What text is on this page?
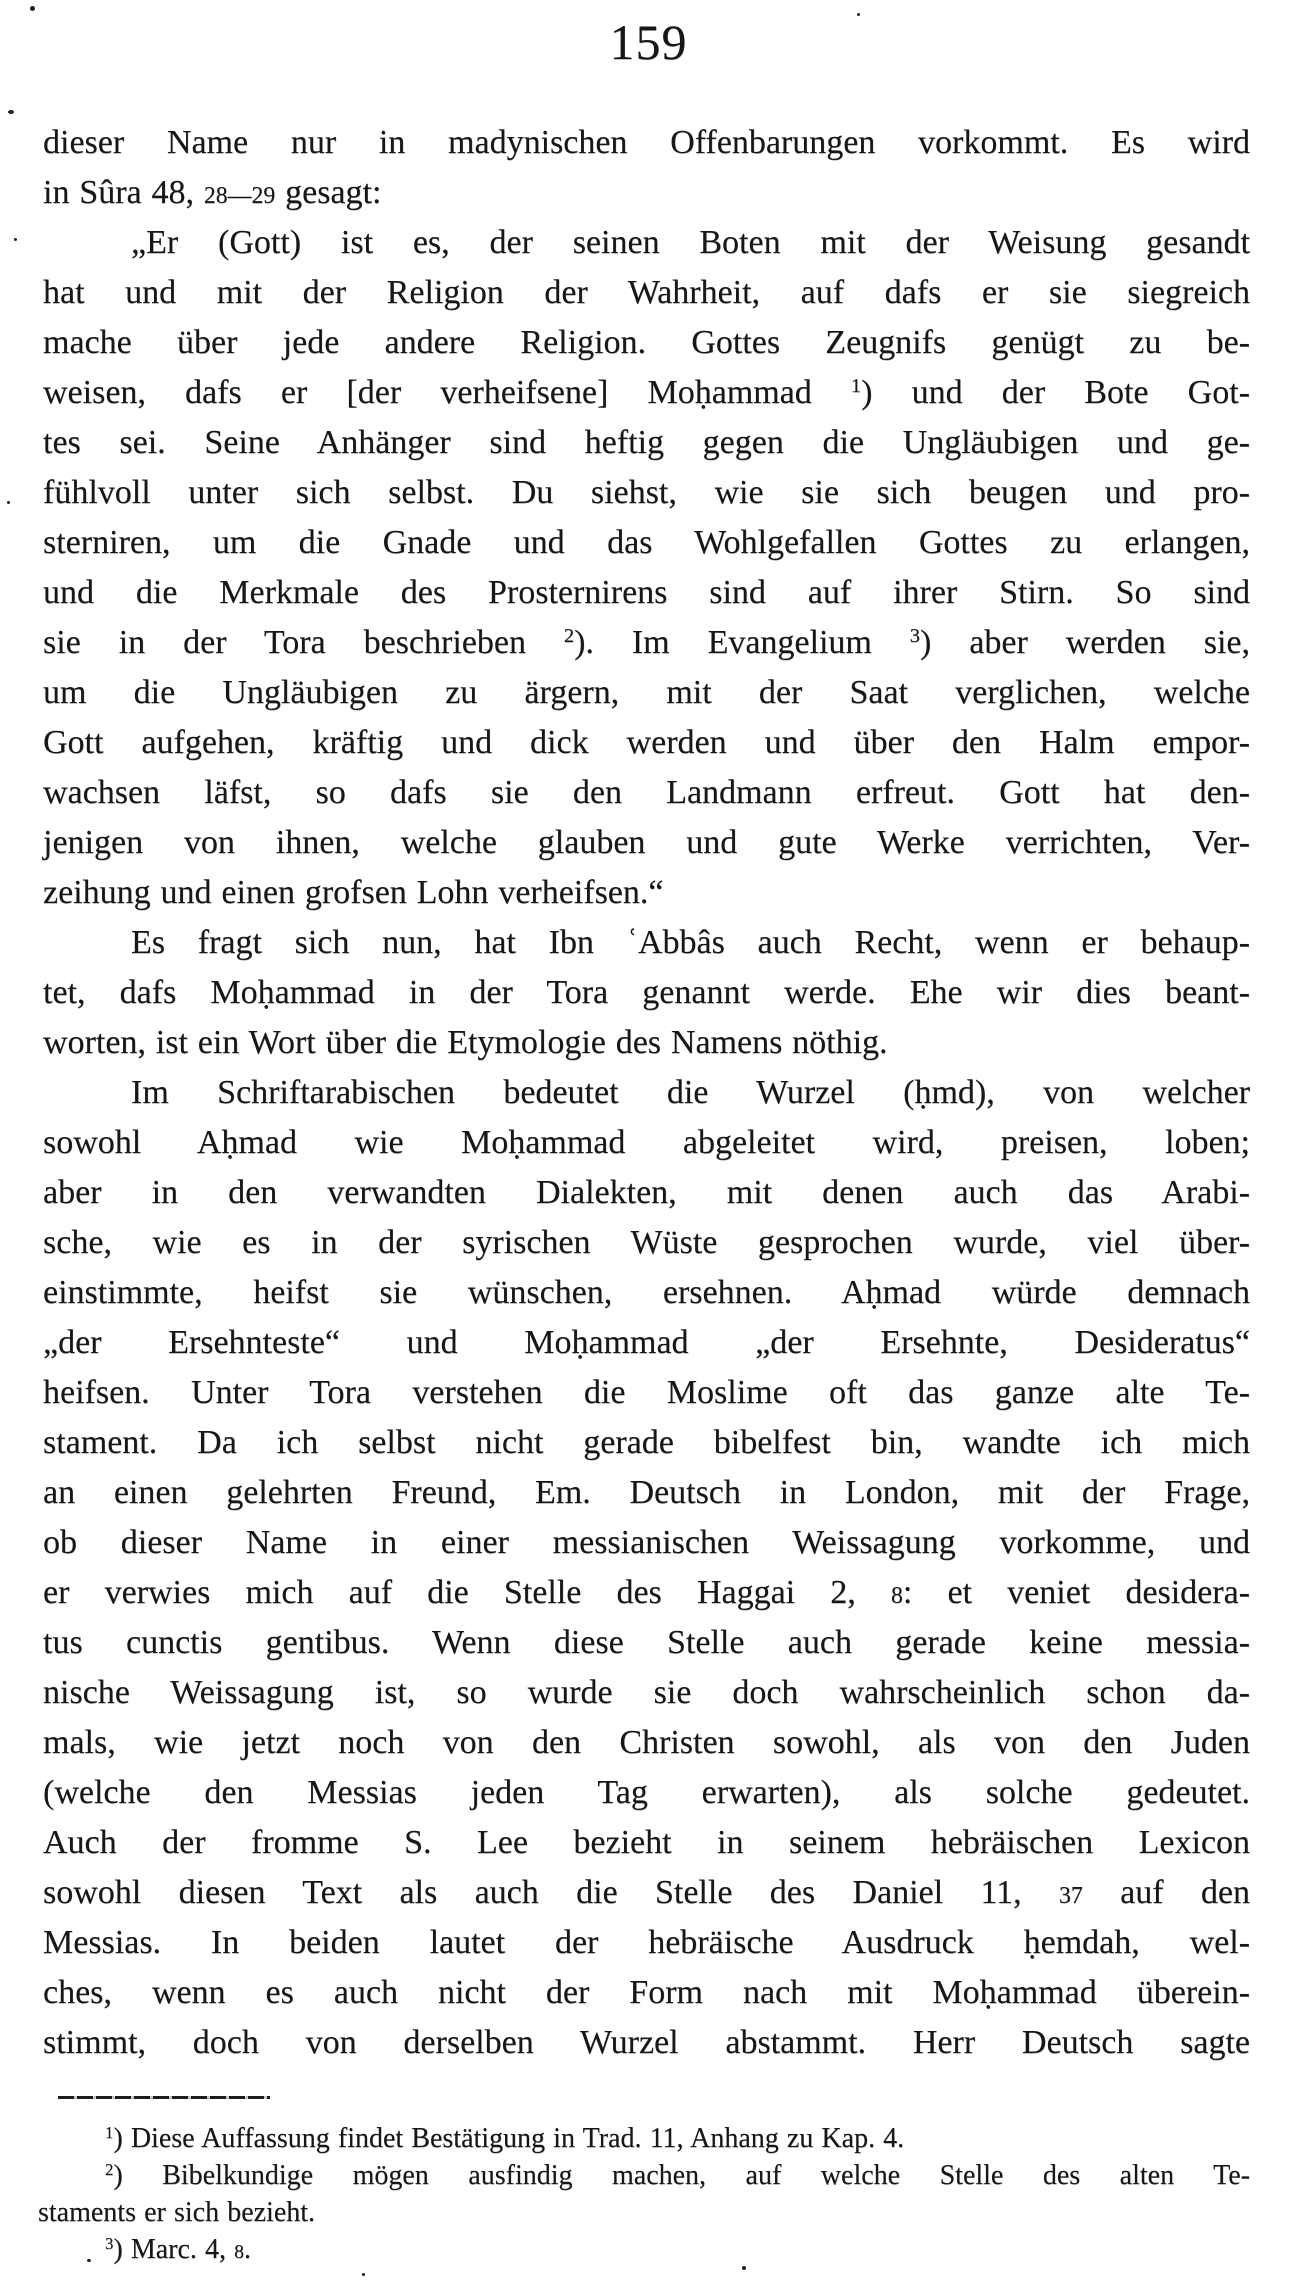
159
dieser Name nur in madynischen Offenbarungen vorkommt. Es wird
in Sûra 48, 28—29 gesagt:
„Er (Gott) ist es, der seinen Boten mit der Weisung gesandt
hat und mit der Religion der Wahrheit, auf dafs er sie siegreich
mache über jede andere Religion. Gottes Zeugnifs genügt zu be-
weisen, dafs er [der verheifsene] Moḥammad $^1$) und der Bote Got-
tes sei. Seine Anhänger sind heftig gegen die Ungläubigen und ge-
fühlvoll unter sich selbst. Du siehst, wie sie sich beugen und pro-
sterniren, um die Gnade und das Wohlgefallen Gottes zu erlangen,
und die Merkmale des Prosternirens sind auf ihrer Stirn. So sind
sie in der Tora beschrieben $^2$). Im Evangelium $^3$) aber werden sie,
um die Ungläubigen zu ärgern, mit der Saat verglichen, welche
Gott aufgehen, kräftig und dick werden und über den Halm empor-
wachsen läfst, so dafs sie den Landmann erfreut. Gott hat den-
jenigen von ihnen, welche glauben und gute Werke verrichten, Ver-
zeihung und einen grofsen Lohn verheifsen.“
Es fragt sich nun, hat Ibn ʿAbbâs auch Recht, wenn er behaup-
tet, dafs Moḥammad in der Tora genannt werde. Ehe wir dies beant-
worten, ist ein Wort über die Etymologie des Namens nöthig.
Im Schriftarabischen bedeutet die Wurzel (ḥmd), von welcher
sowohl Aḥmad wie Moḥammad abgeleitet wird, preisen, loben;
aber in den verwandten Dialekten, mit denen auch das Arabi-
sche, wie es in der syrischen Wüste gesprochen wurde, viel über-
einstimmte, heifst sie wünschen, ersehnen. Aḥmad würde demnach
„der Ersehnteste“ und Moḥammad „der Ersehnte, Desideratus“
heifsen. Unter Tora verstehen die Moslime oft das ganze alte Te-
stament. Da ich selbst nicht gerade bibelfest bin, wandte ich mich
an einen gelehrten Freund, Em. Deutsch in London, mit der Frage,
ob dieser Name in einer messianischen Weissagung vorkomme, und
er verwies mich auf die Stelle des Haggai 2, 8: et veniet desidera-
tus cunctis gentibus. Wenn diese Stelle auch gerade keine messia-
nische Weissagung ist, so wurde sie doch wahrscheinlich schon da-
mals, wie jetzt noch von den Christen sowohl, als von den Juden
(welche den Messias jeden Tag erwarten), als solche gedeutet.
Auch der fromme S. Lee bezieht in seinem hebräischen Lexicon
sowohl diesen Text als auch die Stelle des Daniel 11, 37 auf den
Messias. In beiden lautet der hebräische Ausdruck ḥemdah, wel-
ches, wenn es auch nicht der Form nach mit Moḥammad überein-
stimmt, doch von derselben Wurzel abstammt. Herr Deutsch sagte
$^1$) Diese Auffassung findet Bestätigung in Trad. 11, Anhang zu Kap. 4.
$^2$) Bibelkundige mögen ausfindig machen, auf welche Stelle des alten Te-
staments er sich bezieht.
$^3$) Marc. 4, 8.
